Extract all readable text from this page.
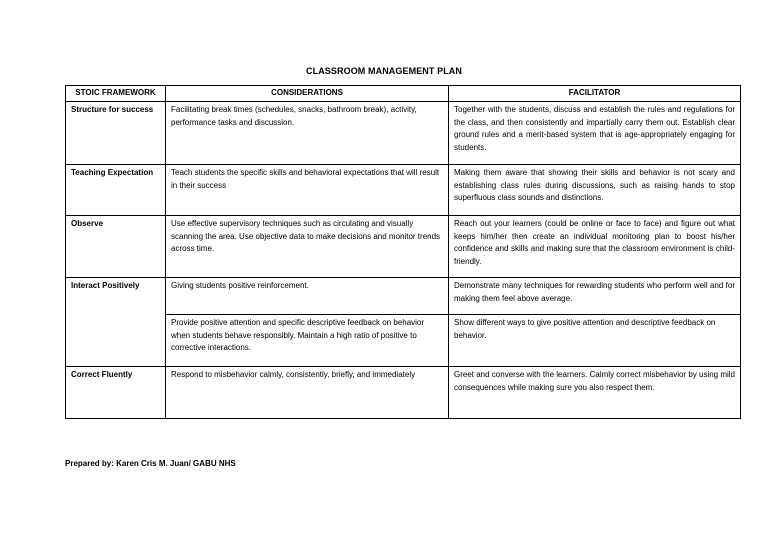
CLASSROOM MANAGEMENT PLAN
STOIC FRAMEWORK	CONSIDERATIONS	FACILITATOR
Structure for success	Facilitating break times (schedules, snacks, bathroom break), activity, performance tasks and discussion.	Together with the students, discuss and establish the rules and regulations for the class, and then consistently and impartially carry them out. Establish clear ground rules and a merit-based system that is age-appropriately engaging for students.
Teaching Expectation	Teach students the specific skills and behavioral expectations that will result in their success	Making them aware that showing their skills and behavior is not scary and establishing class rules during discussions, such as raising hands to stop superfluous class sounds and distinctions.
Observe	Use effective supervisory techniques such as circulating and visually scanning the area. Use objective data to make decisions and monitor trends across time.	Reach out your learners (could be online or face to face) and figure out what keeps him/her then create an individual monitoring plan to boost his/her confidence and skills and making sure that the classroom environment is child-friendly.
Interact Positively	Giving students positive reinforcement.	Demonstrate many techniques for rewarding students who perform well and for making them feel above average.
	Provide positive attention and specific descriptive feedback on behavior when students behave responsibly. Maintain a high ratio of positive to corrective interactions.	Show different ways to give positive attention and descriptive feedback on behavior.
Correct Fluently	Respond to misbehavior calmly, consistently, briefly, and immediately	Greet and converse with the learners. Calmly correct misbehavior by using mild consequences while making sure you also respect them.
Prepared by: Karen Cris M. Juan/ GABU NHS
